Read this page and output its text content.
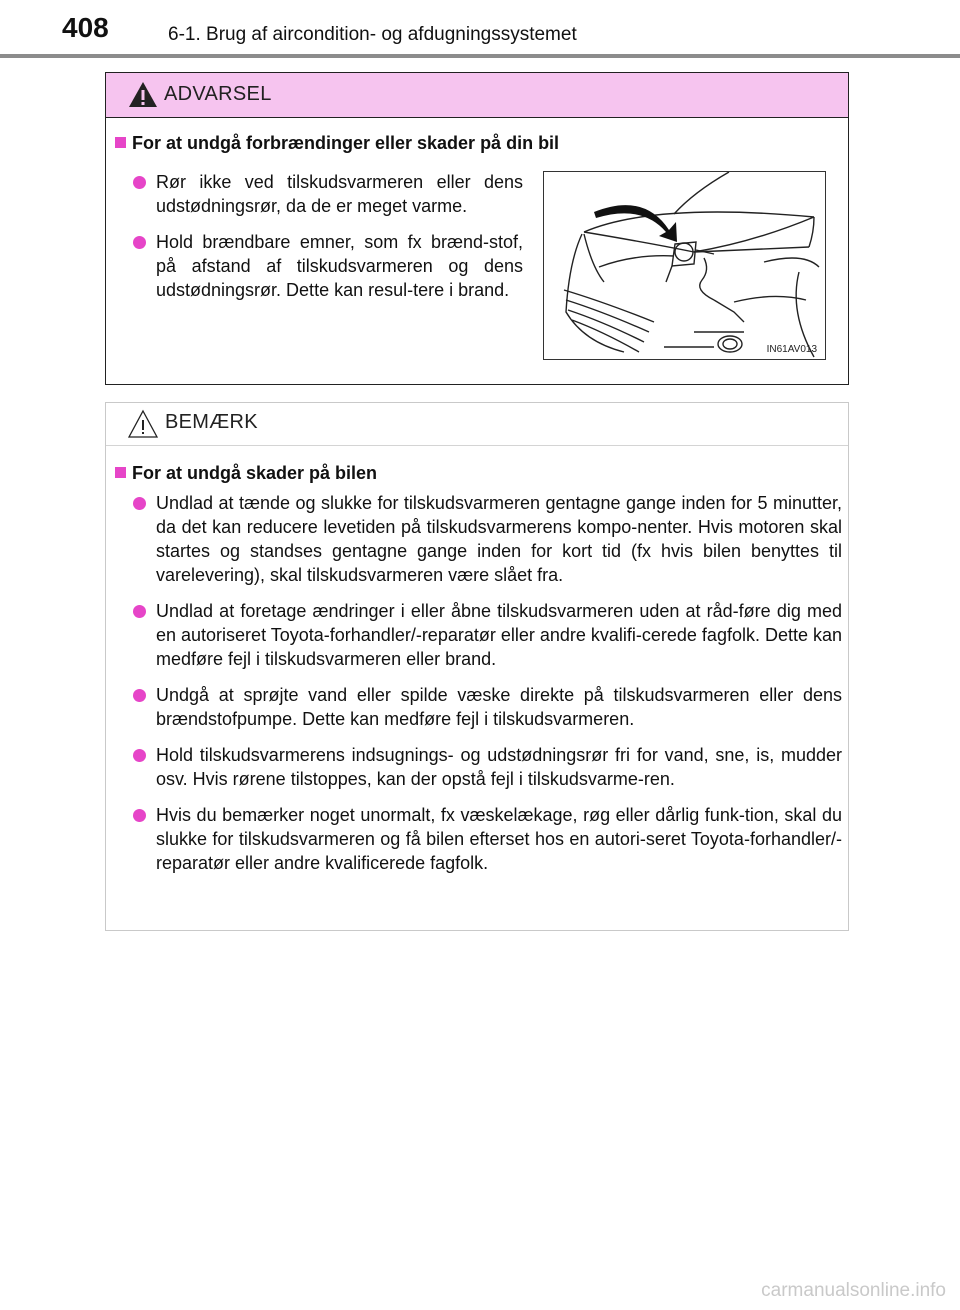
408	6-1. Brug af aircondition- og afdugningssystemet
ADVARSEL
For at undgå forbrændinger eller skader på din bil
Rør ikke ved tilskudsvarmeren eller dens udstødningsrør, da de er meget varme.
Hold brændbare emner, som fx brænd-stof, på afstand af tilskudsvarmeren og dens udstødningsrør. Dette kan resul-tere i brand.
IN61AV013
BEMÆRK
For at undgå skader på bilen
Undlad at tænde og slukke for tilskudsvarmeren gentagne gange inden for 5 minutter, da det kan reducere levetiden på tilskudsvarmerens kompo-nenter. Hvis motoren skal startes og standses gentagne gange inden for kort tid (fx hvis bilen benyttes til varelevering), skal tilskudsvarmeren være slået fra.
Undlad at foretage ændringer i eller åbne tilskudsvarmeren uden at råd-føre dig med en autoriseret Toyota-forhandler/-reparatør eller andre kvalifi-cerede fagfolk. Dette kan medføre fejl i tilskudsvarmeren eller brand.
Undgå at sprøjte vand eller spilde væske direkte på tilskudsvarmeren eller dens brændstofpumpe. Dette kan medføre fejl i tilskudsvarmeren.
Hold tilskudsvarmerens indsugnings- og udstødningsrør fri for vand, sne, is, mudder osv. Hvis rørene tilstoppes, kan der opstå fejl i tilskudsvarme-ren.
Hvis du bemærker noget unormalt, fx væskelækage, røg eller dårlig funk-tion, skal du slukke for tilskudsvarmeren og få bilen efterset hos en autori-seret Toyota-forhandler/-reparatør eller andre kvalificerede fagfolk.
carmanualsonline.info
